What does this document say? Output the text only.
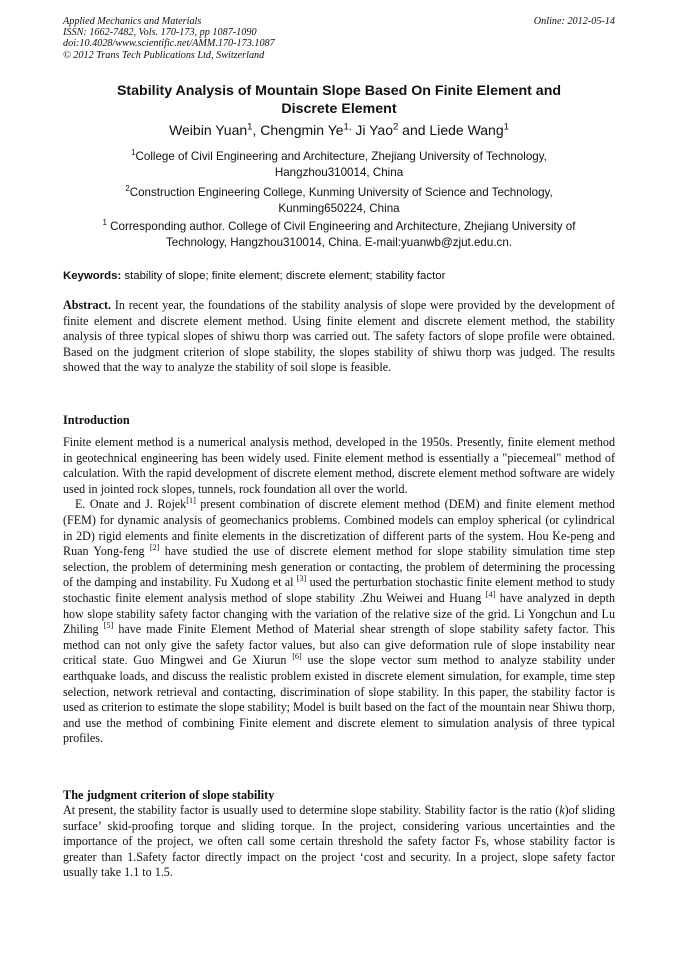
Applied Mechanics and Materials
ISSN: 1662-7482, Vols. 170-173, pp 1087-1090
doi:10.4028/www.scientific.net/AMM.170-173.1087
© 2012 Trans Tech Publications Ltd, Switzerland
Online: 2012-05-14
Stability Analysis of Mountain Slope Based On Finite Element and
Discrete Element
Weibin Yuan$^1$, Chengmin $Ye^{1,}$ Ji Yao$^2$ and Liede Wang$^1$
$^1$College of Civil Engineering and Architecture, Zhejiang University of Technology,
Hangzhou310014, China
$^2$Construction Engineering College, Kunming University of Science and Technology,
Kunming650224, China
$^1$ Corresponding author. College of Civil Engineering and Architecture, Zhejiang University of
Technology, Hangzhou310014, China. E-mail:yuanwb@zjut.edu.cn.
Keywords: stability of slope; finite element; discrete element; stability factor
Abstract. In recent year, the foundations of the stability analysis of slope were provided by the development of finite element and discrete element method. Using finite element and discrete element method, the stability analysis of three typical slopes of shiwu thorp was carried out. The safety factors of slope profile were obtained. Based on the judgment criterion of slope stability, the slopes stability of shiwu thorp was judged. The results showed that the way to analyze the stability of soil slope is feasible.
Introduction

Finite element method is a numerical analysis method, developed in the 1950s. Presently, finite element method in geotechnical engineering has been widely used. Finite element method is essentially a "piecemeal" method of calculation. With the rapid development of discrete element method, discrete element method software are widely used in jointed rock slopes, tunnels, rock foundation all over the world.

E. Onate and J. Rojek[1] present combination of discrete element method (DEM) and finite element method (FEM) for dynamic analysis of geomechanics problems. Combined models can employ spherical (or cylindrical in 2D) rigid elements and finite elements in the discretization of different parts of the system. Hou Ke-peng and Ruan Yong-feng [2] have studied the use of discrete element method for slope stability simulation time step selection, the problem of determining mesh generation or contacting, the problem of determining the processing of the damping and instability. Fu Xudong et al [3] used the perturbation stochastic finite element method to study stochastic finite element analysis method of slope stability .Zhu Weiwei and Huang [4] have analyzed in depth how slope stability safety factor changing with the variation of the relative size of the grid. Li Yongchun and Lu Zhiling [5] have made Finite Element Method of Material shear strength of slope stability safety factor. This method can not only give the safety factor values, but also can give deformation rule of slope instability near critical state. Guo Mingwei and Ge Xiurun [6] use the slope vector sum method to analyze stability under earthquake loads, and discuss the realistic problem existed in discrete element simulation, for example, time step selection, network retrieval and contacting, discrimination of slope stability. In this paper, the stability factor is used as criterion to estimate the slope stability; Model is built based on the fact of the mountain near Shiwu thorp, and use the method of combining Finite element and discrete element to simulation analysis of three typical profiles.

The judgment criterion of slope stability
At present, the stability factor is usually used to determine slope stability. Stability factor is the ratio (k)of sliding surface’ skid-proofing torque and sliding torque. In the project, considering various uncertainties and the importance of the project, we often call some certain threshold the safety factor Fs, whose stability factor is greater than 1.Safety factor directly impact on the project ‘cost and security. In a project, slope safety factor usually take 1.1 to 1.5.
